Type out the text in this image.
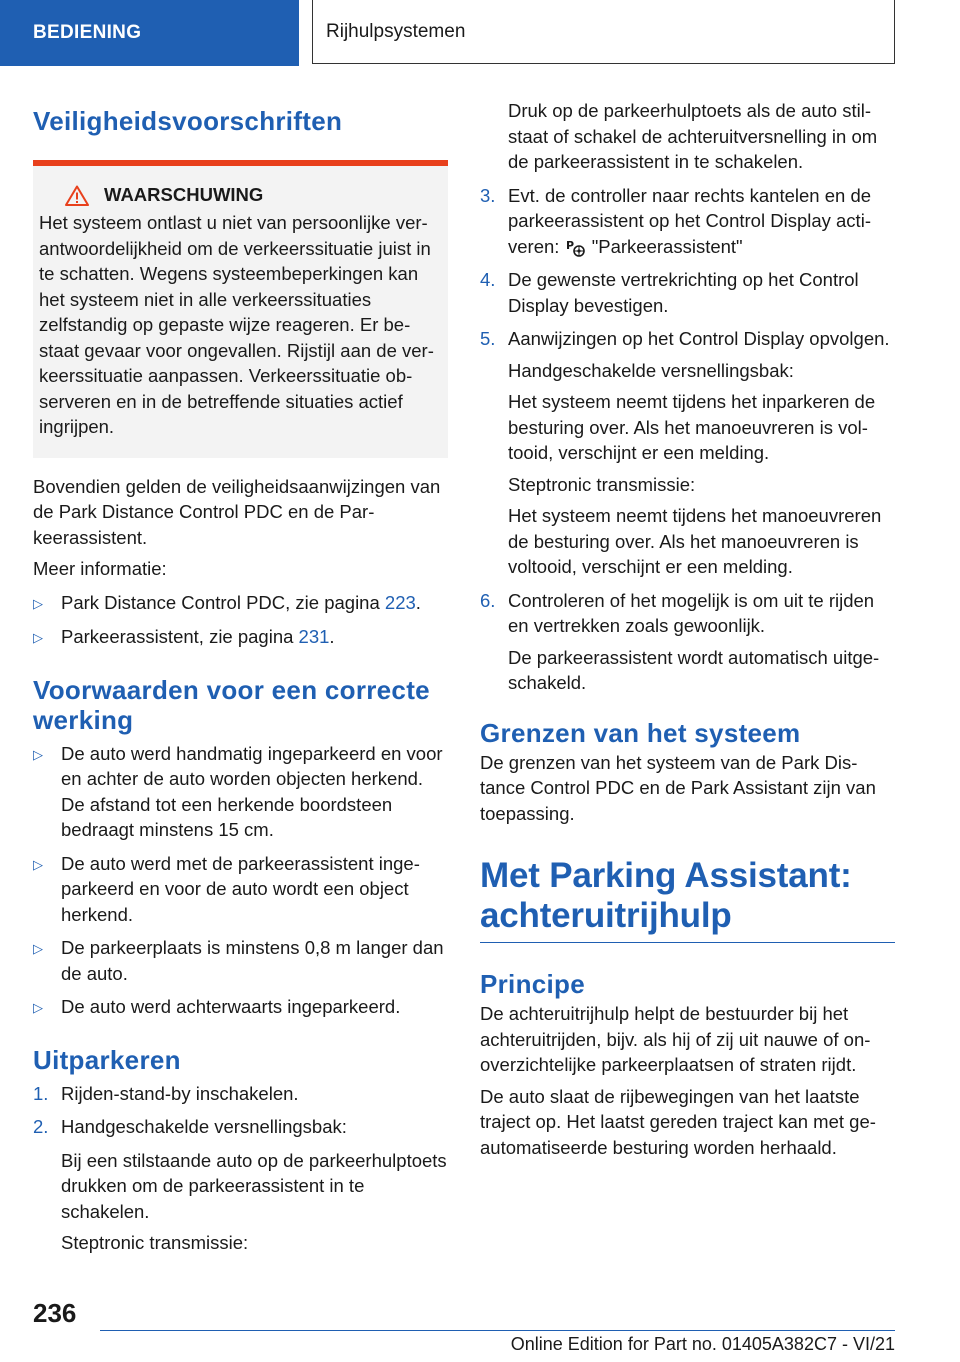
BEDIENING	Rijhulpsystemen
Veiligheidsvoorschriften
WAARSCHUWING

Het systeem ontlast u niet van persoonlijke verantwoordelijkheid om de verkeerssituatie juist in te schatten. Wegens systeembeperkingen kan het systeem niet in alle verkeerssituaties zelfstandig op gepaste wijze reageren. Er bestaat gevaar voor ongevallen. Rijstijl aan de verkeerssituatie aanpassen. Verkeerssituatie observeren en in de betreffende situaties actief ingrijpen.

Bovendien gelden de veiligheidsaanwijzingen van de Park Distance Control PDC en de Parkeerassistent.

Meer informatie:

▷ Park Distance Control PDC, zie pagina 223.
▷ Parkeerassistent, zie pagina 231.
Voorwaarden voor een correcte werking
▷ De auto werd handmatig ingeparkeerd en voor en achter de auto worden objecten herkend. De afstand tot een herkende boordsteen bedraagt minstens 15 cm.
▷ De auto werd met de parkeerassistent ingeparkeerd en voor de auto wordt een object herkend.
▷ De parkeerplaats is minstens 0,8 m langer dan de auto.
▷ De auto werd achterwaarts ingeparkeerd.
Uitparkeren
1. Rijden-stand-by inschakelen.
2. Handgeschakelde versnellingsbak:

Bij een stilstaande auto op de parkeerhulptoets drukken om de parkeerassistent in te schakelen.

Steptronic transmissie:

Druk op de parkeerhulptoets als de auto stilstaat of schakel de achteruitversnelling in om de parkeerassistent in te schakelen.

3. Evt. de controller naar rechts kantelen en de parkeerassistent op het Control Display activeren: P "Parkeerassistent"
4. De gewenste vertrekrichting op het Control Display bevestigen.
5. Aanwijzingen op het Control Display opvolgen.

Handgeschakelde versnellingsbak:

Het systeem neemt tijdens het inparkeren de besturing over. Als het manoeuvreren is voltooid, verschijnt er een melding.

Steptronic transmissie:

Het systeem neemt tijdens het manoeuvreren de besturing over. Als het manoeuvreren is voltooid, verschijnt er een melding.

6. Controleren of het mogelijk is om uit te rijden en vertrekken zoals gewoonlijk.

De parkeerassistent wordt automatisch uitgeschakeld.

Grenzen van het systeem

De grenzen van het systeem van de Park Distance Control PDC en de Park Assistant zijn van toepassing.

Met Parking Assistant: achteruitrijhulp
Principe

De achteruitrijhulp helpt de bestuurder bij het achteruitrijden, bijv. als hij of zij uit nauwe of onoverzichtelijke parkeerplaatsen of straten rijdt.

De auto slaat de rijbewegingen van het laatste traject op. Het laatst gereden traject kan met geautomatiseerde besturing worden herhaald.

236
Online Edition for Part no. 01405A382C7 - VI/21
